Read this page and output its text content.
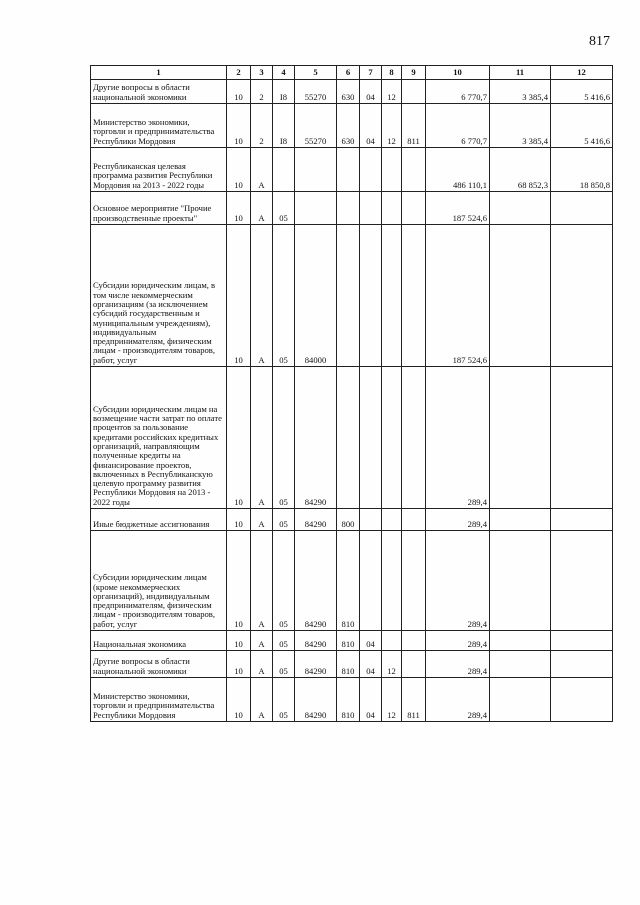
817
1	2	3	4	5	6	7	8	9	10	11	12
Другие вопросы в области национальной экономики	10	2	I8	55270	630	04	12		6 770,7	3 385,4	5 416,6
Министерство экономики, торговли и предпринимательства Республики Мордовия	10	2	I8	55270	630	04	12	811	6 770,7	3 385,4	5 416,6
Республиканская целевая программа развития Республики Мордовия на 2013 - 2022 годы	10	А							486 110,1	68 852,3	18 850,8
Основное мероприятие "Прочие производственные проекты"	10	А	05						187 524,6		
Субсидии юридическим лицам, в том числе некоммерческим организациям (за исключением субсидий государственным и муниципальным учреждениям), индивидуальным предпринимателям, физическим лицам - производителям товаров, работ, услуг	10	А	05	84000					187 524,6		
Субсидии юридическим лицам на возмещение части затрат по оплате процентов за пользование кредитами российских кредитных организаций, направляющим полученные кредиты на финансирование проектов, включенных в Республиканскую целевую программу развития Республики Мордовия на 2013 - 2022 годы	10	А	05	84290					289,4		
Иные бюджетные ассигнования	10	А	05	84290	800				289,4		
Субсидии юридическим лицам (кроме некоммерческих организаций), индивидуальным предпринимателям, физическим лицам - производителям товаров, работ, услуг	10	А	05	84290	810				289,4		
Национальная экономика	10	А	05	84290	810	04			289,4		
Другие вопросы в области национальной экономики	10	А	05	84290	810	04	12		289,4		
Министерство экономики, торговли и предпринимательства Республики Мордовия	10	А	05	84290	810	04	12	811	289,4		
